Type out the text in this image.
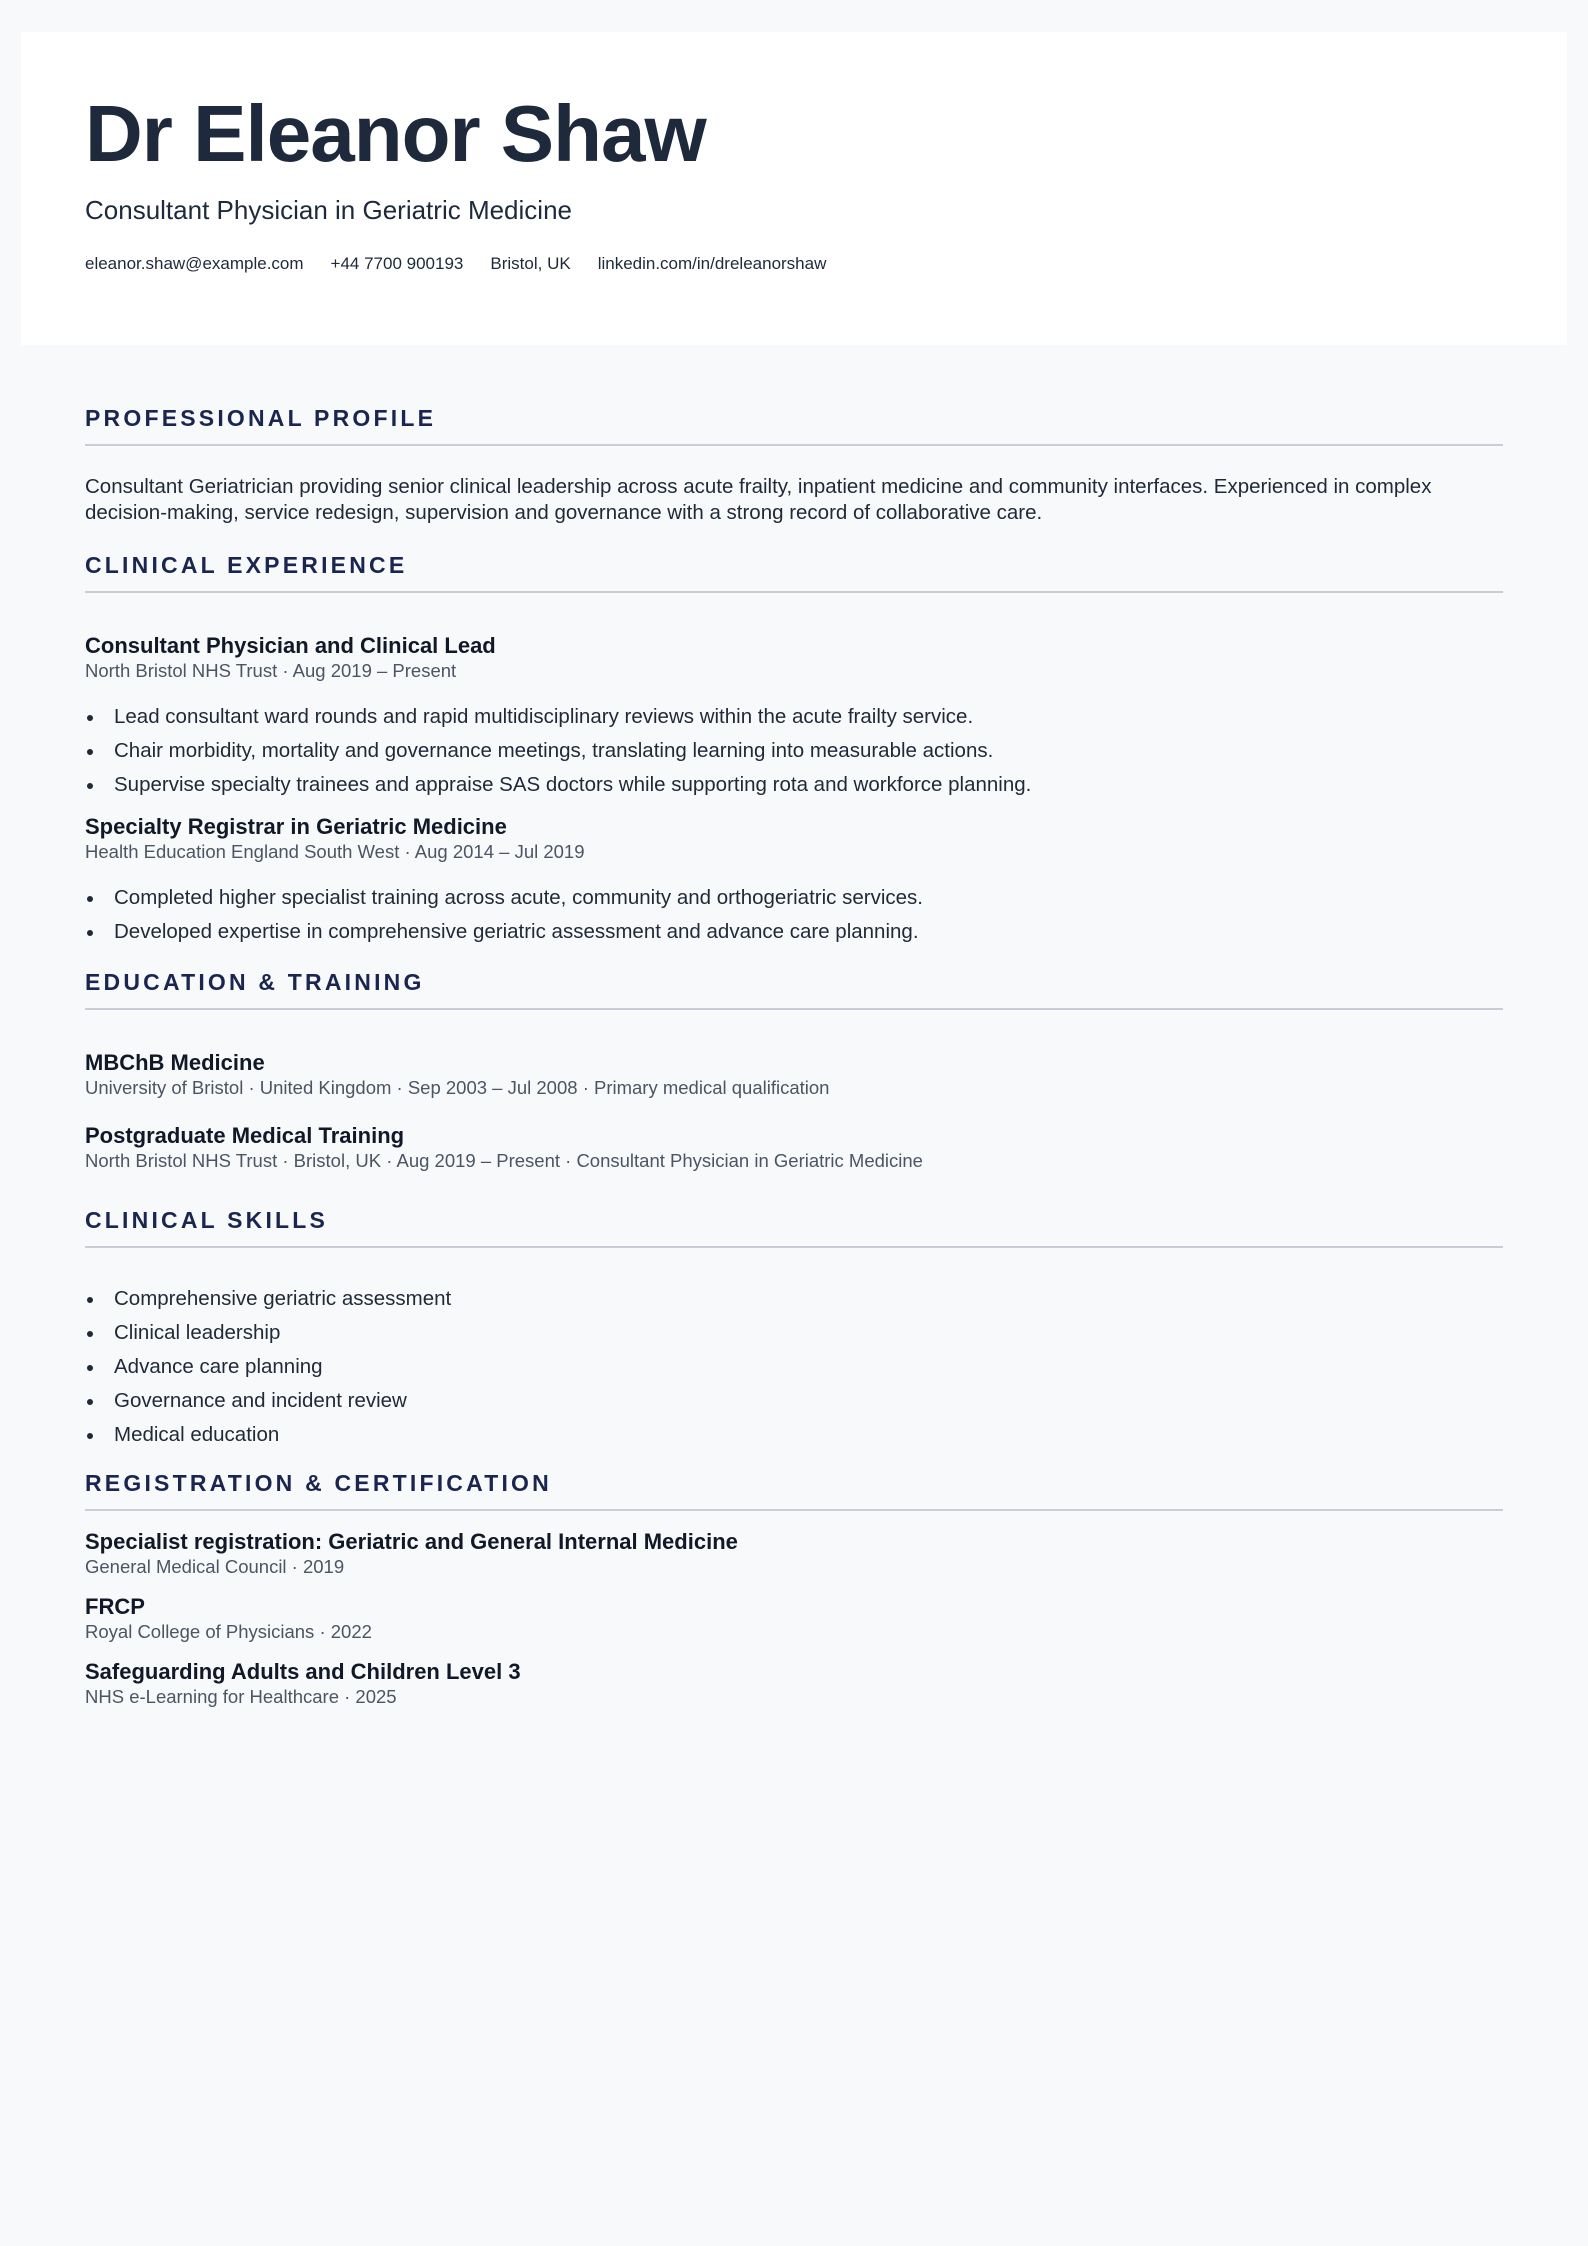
Dr Eleanor Shaw
Consultant Physician in Geriatric Medicine
eleanor.shaw@example.com +44 7700 900193 Bristol, UK linkedin.com/in/dreleanorshaw
PROFESSIONAL PROFILE

Consultant Geriatrician providing senior clinical leadership across acute frailty, inpatient medicine and community interfaces. Experienced in complex decision-making, service redesign, supervision and governance with a strong record of collaborative care.

CLINICAL EXPERIENCE
Consultant Physician and Clinical Lead

North Bristol NHS Trust · Aug 2019 – Present

Lead consultant ward rounds and rapid multidisciplinary reviews within the acute frailty service.
Chair morbidity, mortality and governance meetings, translating learning into measurable actions.
Supervise specialty trainees and appraise SAS doctors while supporting rota and workforce planning.
Specialty Registrar in Geriatric Medicine

Health Education England South West · Aug 2014 – Jul 2019

Completed higher specialist training across acute, community and orthogeriatric services.
Developed expertise in comprehensive geriatric assessment and advance care planning.
EDUCATION & TRAINING
MBChB Medicine

University of Bristol · United Kingdom · Sep 2003 – Jul 2008 · Primary medical qualification

Postgraduate Medical Training

North Bristol NHS Trust · Bristol, UK · Aug 2019 – Present · Consultant Physician in Geriatric Medicine

CLINICAL SKILLS
Comprehensive geriatric assessment
Clinical leadership
Advance care planning
Governance and incident review
Medical education
REGISTRATION & CERTIFICATION
Specialist registration: Geriatric and General Internal Medicine

General Medical Council · 2019

FRCP

Royal College of Physicians · 2022

Safeguarding Adults and Children Level 3

NHS e-Learning for Healthcare · 2025
